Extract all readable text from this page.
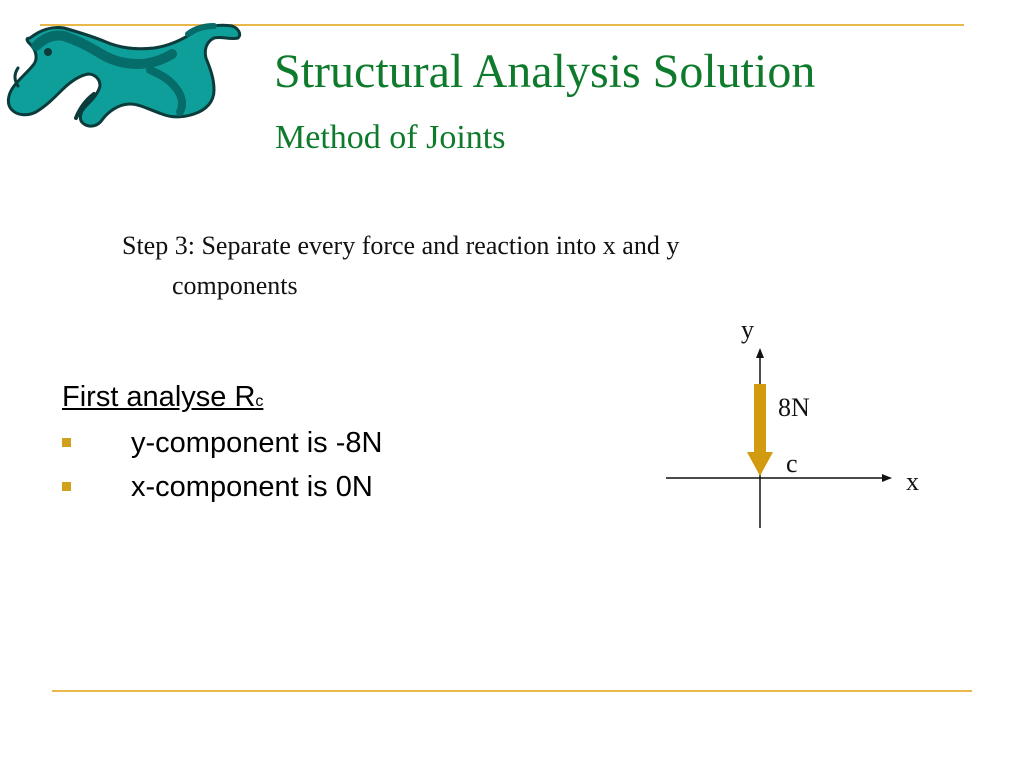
Structural Analysis Solution
Method of Joints
Step 3: Separate every force and reaction into x and y
components
First analyse Rc
y-component is -8N
x-component is 0N
y
x
8N
c
